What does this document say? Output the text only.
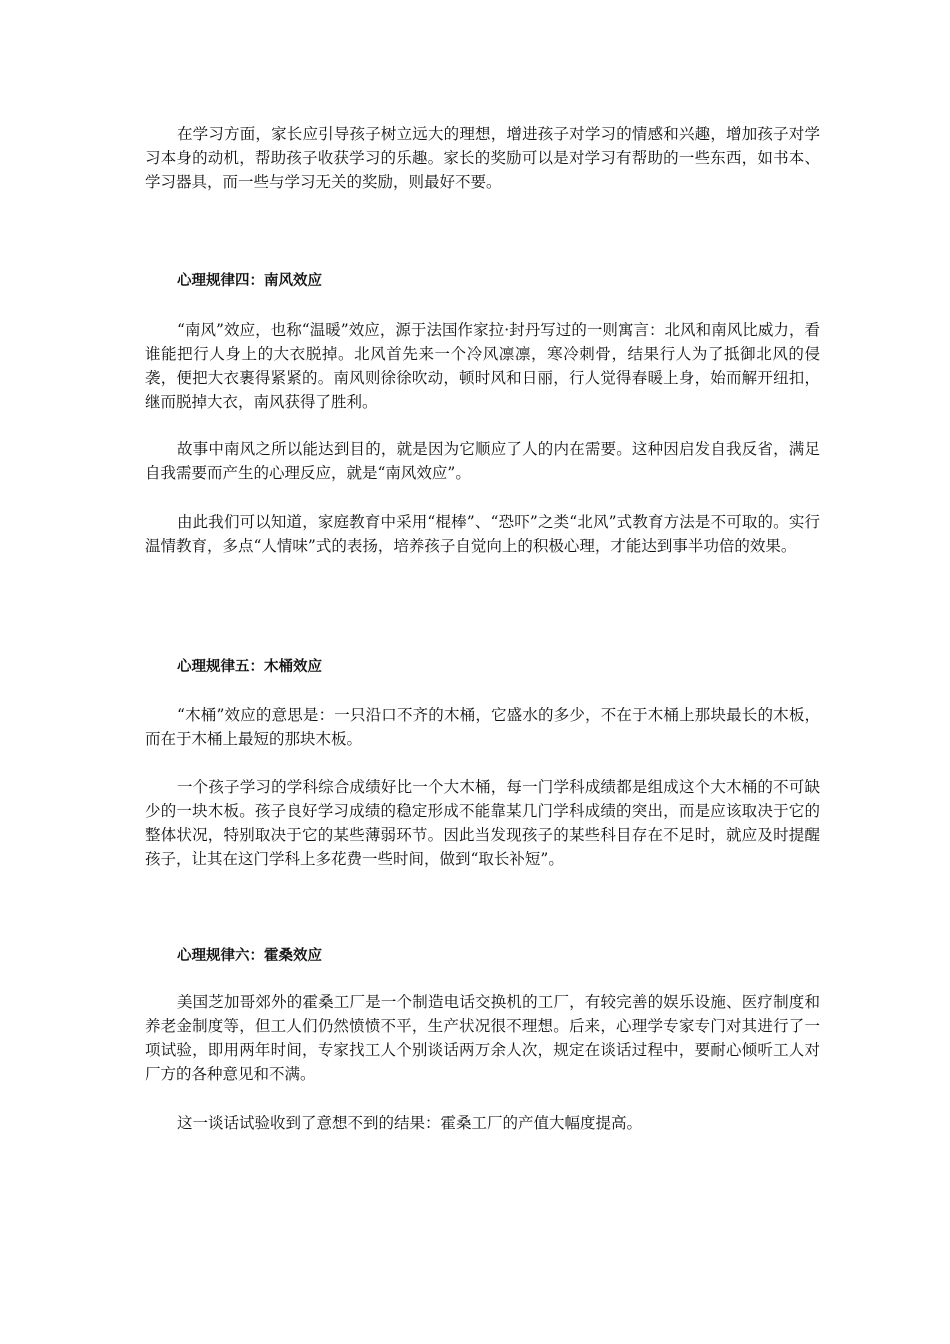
在学习方面，家长应引导孩子树立远大的理想，增进孩子对学习的情感和兴趣，增加孩子对学习本身的动机，帮助孩子收获学习的乐趣。家长的奖励可以是对学习有帮助的一些东西，如书本、学习器具，而一些与学习无关的奖励，则最好不要。

心理规律四：南风效应

“南风”效应，也称“温暖”效应，源于法国作家拉·封丹写过的一则寓言：北风和南风比威力，看谁能把行人身上的大衣脱掉。北风首先来一个冷风凛凛，寒冷刺骨，结果行人为了抵御北风的侵袭，便把大衣裹得紧紧的。南风则徐徐吹动，顿时风和日丽，行人觉得春暖上身，始而解开纽扣，继而脱掉大衣，南风获得了胜利。

故事中南风之所以能达到目的，就是因为它顺应了人的内在需要。这种因启发自我反省，满足自我需要而产生的心理反应，就是“南风效应”。

由此我们可以知道，家庭教育中采用“棍棒”、“恐吓”之类“北风”式教育方法是不可取的。实行温情教育，多点“人情味”式的表扬，培养孩子自觉向上的积极心理，才能达到事半功倍的效果。

心理规律五：木桶效应

“木桶”效应的意思是：一只沿口不齐的木桶，它盛水的多少，不在于木桶上那块最长的木板，而在于木桶上最短的那块木板。

一个孩子学习的学科综合成绩好比一个大木桶，每一门学科成绩都是组成这个大木桶的不可缺少的一块木板。孩子良好学习成绩的稳定形成不能靠某几门学科成绩的突出，而是应该取决于它的整体状况，特别取决于它的某些薄弱环节。因此当发现孩子的某些科目存在不足时，就应及时提醒孩子，让其在这门学科上多花费一些时间，做到“取长补短”。

心理规律六：霍桑效应

美国芝加哥郊外的霍桑工厂是一个制造电话交换机的工厂，有较完善的娱乐设施、医疗制度和养老金制度等，但工人们仍然愤愤不平，生产状况很不理想。后来，心理学专家专门对其进行了一项试验，即用两年时间，专家找工人个别谈话两万余人次，规定在谈话过程中，要耐心倾听工人对厂方的各种意见和不满。

这一谈话试验收到了意想不到的结果：霍桑工厂的产值大幅度提高。
